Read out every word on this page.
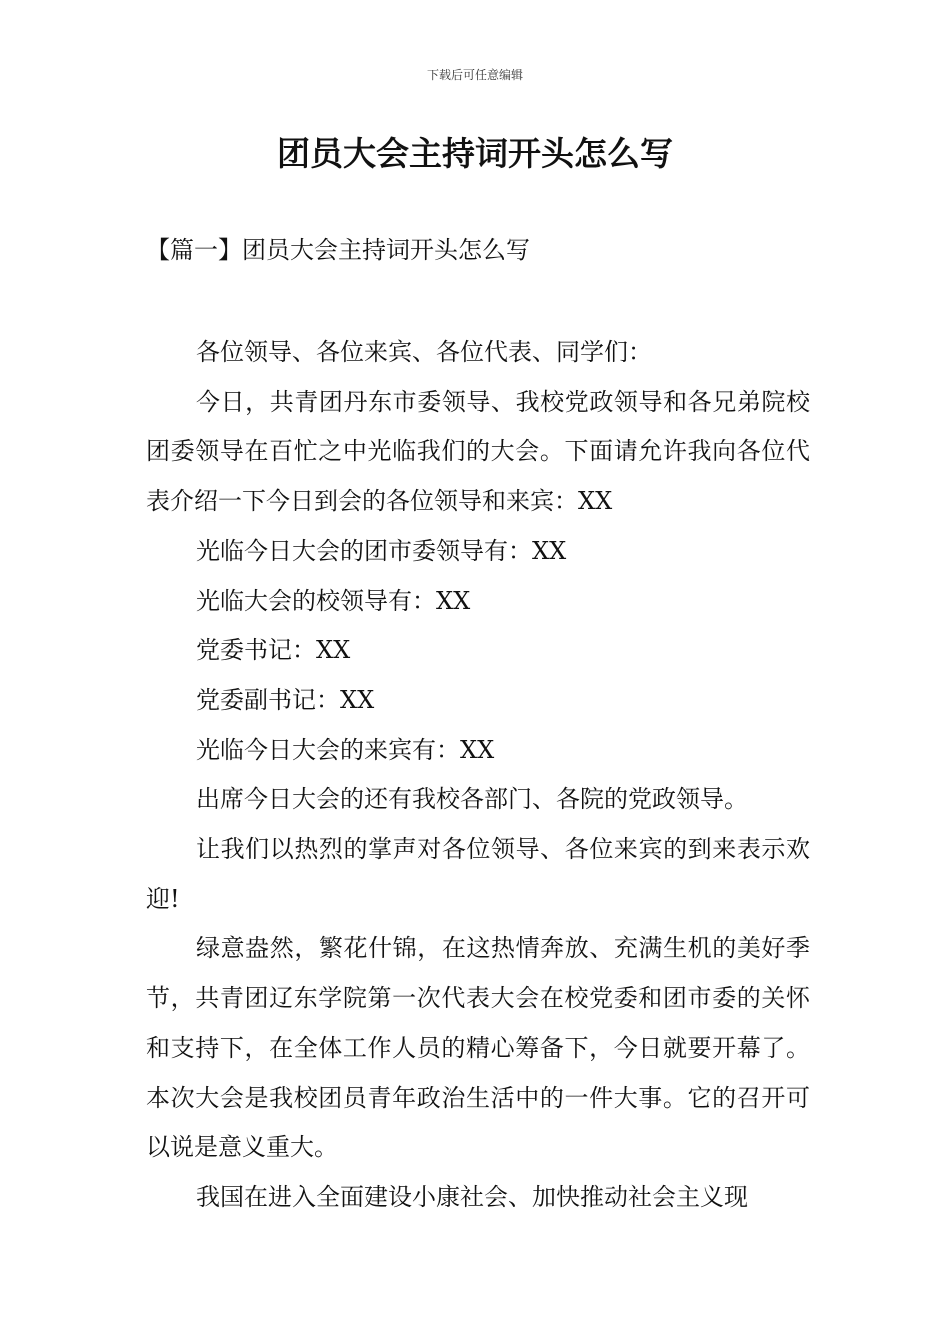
下载后可任意编辑
团员大会主持词开头怎么写
【篇一】团员大会主持词开头怎么写

各位领导、各位来宾、各位代表、同学们：

今日，共青团丹东市委领导、我校党政领导和各兄弟院校团委领导在百忙之中光临我们的大会。下面请允许我向各位代表介绍一下今日到会的各位领导和来宾：XX

光临今日大会的团市委领导有：XX

光临大会的校领导有：XX

党委书记：XX

党委副书记：XX

光临今日大会的来宾有：XX

出席今日大会的还有我校各部门、各院的党政领导。

让我们以热烈的掌声对各位领导、各位来宾的到来表示欢迎!

绿意盎然，繁花什锦，在这热情奔放、充满生机的美好季节，共青团辽东学院第一次代表大会在校党委和团市委的关怀和支持下，在全体工作人员的精心筹备下，今日就要开幕了。本次大会是我校团员青年政治生活中的一件大事。它的召开可以说是意义重大。

我国在进入全面建设小康社会、加快推动社会主义现
